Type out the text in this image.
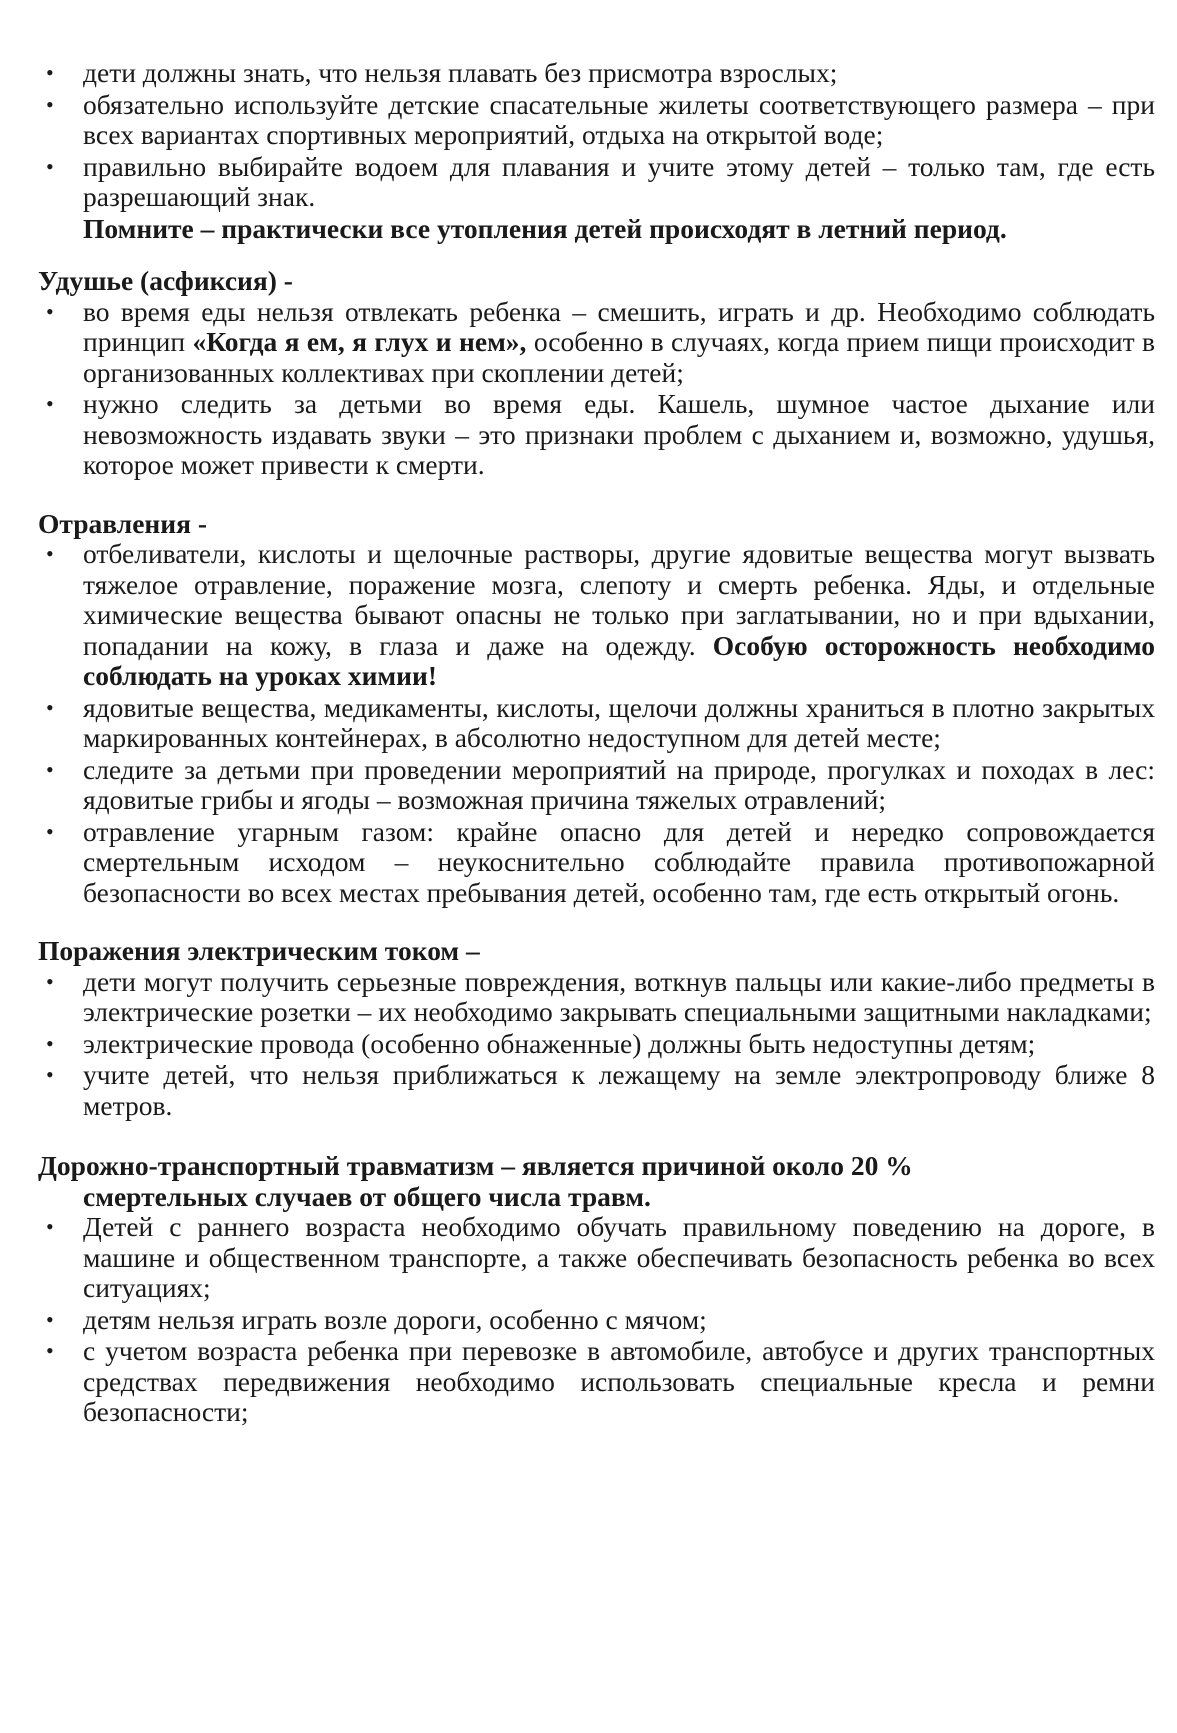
• дети должны знать, что нельзя плавать без присмотра взрослых;

• обязательно используйте детские спасательные жилеты соответствующего размера – при всех вариантах спортивных мероприятий, отдыха на открытой воде;

• правильно выбирайте водоем для плавания и учите этому детей – только там, где есть разрешающий знак.

Помните – практически все утопления детей происходят в летний период.

Удушье (асфиксия) -

• во время еды нельзя отвлекать ребенка – смешить, играть и др. Необходимо соблюдать принцип «Когда я ем, я глух и нем», особенно в случаях, когда прием пищи происходит в организованных коллективах при скоплении детей;

• нужно следить за детьми во время еды. Кашель, шумное частое дыхание или невозможность издавать звуки – это признаки проблем с дыханием и, возможно, удушья, которое может привести к смерти.

Отравления -

• отбеливатели, кислоты и щелочные растворы, другие ядовитые вещества могут вызвать тяжелое отравление, поражение мозга, слепоту и смерть ребенка. Яды, и отдельные химические вещества бывают опасны не только при заглатывании, но и при вдыхании, попадании на кожу, в глаза и даже на одежду. Особую осторожность необходимо соблюдать на уроках химии!

• ядовитые вещества, медикаменты, кислоты, щелочи должны храниться в плотно закрытых маркированных контейнерах, в абсолютно недоступном для детей месте;

• следите за детьми при проведении мероприятий на природе, прогулках и походах в лес: ядовитые грибы и ягоды – возможная причина тяжелых отравлений;

• отравление угарным газом: крайне опасно для детей и нередко сопровождается смертельным исходом – неукоснительно соблюдайте правила противопожарной безопасности во всех местах пребывания детей, особенно там, где есть открытый огонь.

Поражения электрическим током –

• дети могут получить серьезные повреждения, воткнув пальцы или какие-либо предметы в электрические розетки – их необходимо закрывать специальными защитными накладками;

• электрические провода (особенно обнаженные) должны быть недоступны детям;

• учите детей, что нельзя приближаться к лежащему на земле электропроводу ближе 8 метров.

Дорожно-транспортный травматизм – является причиной около 20 %

смертельных случаев от общего числа травм.

• Детей с раннего возраста необходимо обучать правильному поведению на дороге, в машине и общественном транспорте, а также обеспечивать безопасность ребенка во всех ситуациях;

• детям нельзя играть возле дороги, особенно с мячом;

• с учетом возраста ребенка при перевозке в автомобиле, автобусе и других транспортных средствах передвижения необходимо использовать специальные кресла и ремни безопасности;
